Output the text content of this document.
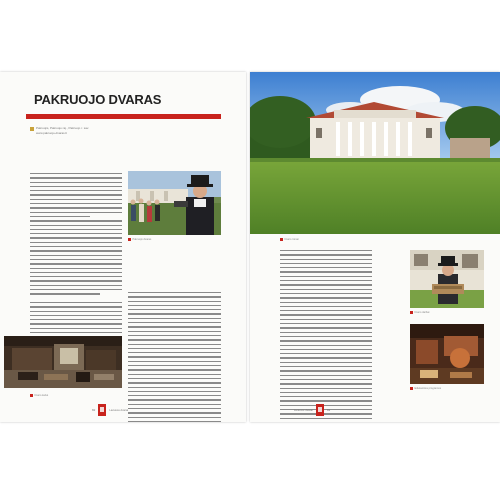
PAKRUOJO DVARAS
Pakruojis, Pakruojo raj., Pakruojo r. sav.
www.pakruojo-dvaras.lt
Pakruojo dvaras
Dvaro kalvė
82	Lietuvos dvarai
Dvaro rūmai
Dvaro darbai
Edukacinės programos
Lietuvos dvarai	83
